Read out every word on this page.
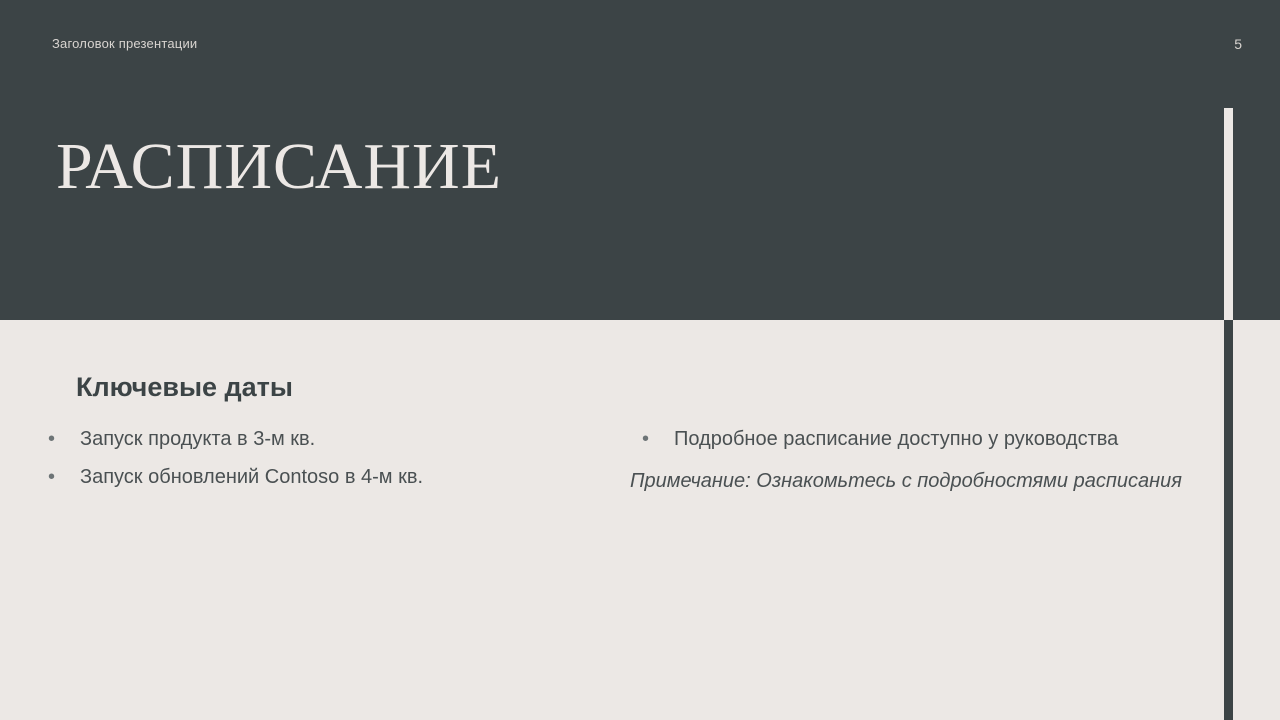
Заголовок презентации	5
РАСПИСАНИЕ
Ключевые даты
• Запуск продукта в 3-м кв.
• Запуск обновлений Contoso в 4-м кв.
• Подробное расписание доступно у руководства
Примечание: Ознакомьтесь с подробностями расписания
